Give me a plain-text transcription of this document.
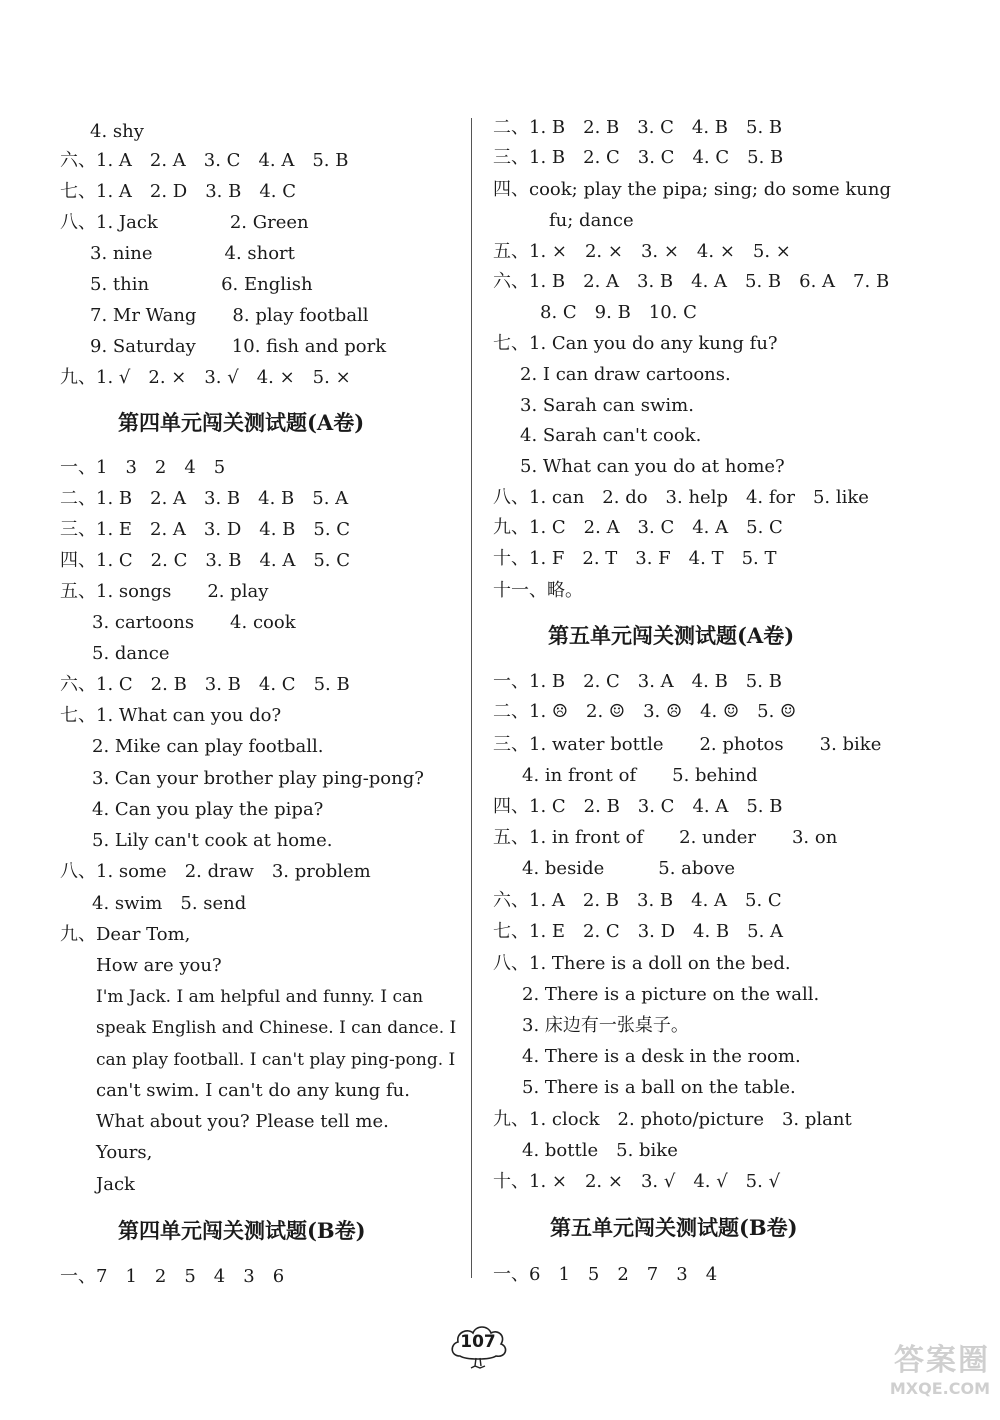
4. shy
六、1. A　2. A　3. C　4. A　5. B
七、1. A　2. D　3. B　4. C
八、1. Jack　　　　2. Green
3. nine　　　　4. short
5. thin　　　　6. English
7. Mr Wang　　8. play football
9. Saturday　　10. fish and pork
九、1. √　2. ×　3. √　4. ×　5. ×
第四单元闯关测试题(A卷)
一、1　3　2　4　5
二、1. B　2. A　3. B　4. B　5. A
三、1. E　2. A　3. D　4. B　5. C
四、1. C　2. C　3. B　4. A　5. C
五、1. songs　　2. play
3. cartoons　　4. cook
5. dance
六、1. C　2. B　3. B　4. C　5. B
七、1. What can you do?
2. Mike can play football.
3. Can your brother play ping-pong?
4. Can you play the pipa?
5. Lily can't cook at home.
八、1. some　2. draw　3. problem
4. swim　5. send
九、Dear Tom,
How are you?
I'm Jack. I am helpful and funny. I can
speak English and Chinese. I can dance. I
can play football. I can't play ping-pong. I
can't swim. I can't do any kung fu.
What about you? Please tell me.
Yours,
Jack
第四单元闯关测试题(B卷)
一、7　1　2　5　4　3　6
二、1. B　2. B　3. C　4. B　5. B
三、1. B　2. C　3. C　4. C　5. B
四、cook; play the pipa; sing; do some kung
fu; dance
五、1. ×　2. ×　3. ×　4. ×　5. ×
六、1. B　2. A　3. B　4. A　5. B　6. A　7. B
8. C　9. B　10. C
七、1. Can you do any kung fu?
2. I can draw cartoons.
3. Sarah can swim.
4. Sarah can't cook.
5. What can you do at home?
八、1. can　2. do　3. help　4. for　5. like
九、1. C　2. A　3. C　4. A　5. C
十、1. F　2. T　3. F　4. T　5. T
十一、略。
第五单元闯关测试题(A卷)
一、1. B　2. C　3. A　4. B　5. B
二、1. ☹　2. ☺　3. ☹　4. ☺　5. ☺
三、1. water bottle　　2. photos　　3. bike
4. in front of　　5. behind
四、1. C　2. B　3. C　4. A　5. B
五、1. in front of　　2. under　　3. on
4. beside　　　5. above
六、1. A　2. B　3. B　4. A　5. C
七、1. E　2. C　3. D　4. B　5. A
八、1. There is a doll on the bed.
2. There is a picture on the wall.
3. 床边有一张桌子。
4. There is a desk in the room.
5. There is a ball on the table.
九、1. clock　2. photo/picture　3. plant
4. bottle　5. bike
十、1. ×　2. ×　3. √　4. √　5. √
第五单元闯关测试题(B卷)
一、6　1　5　2　7　3　4
107
答案圈
MXQE.COM
